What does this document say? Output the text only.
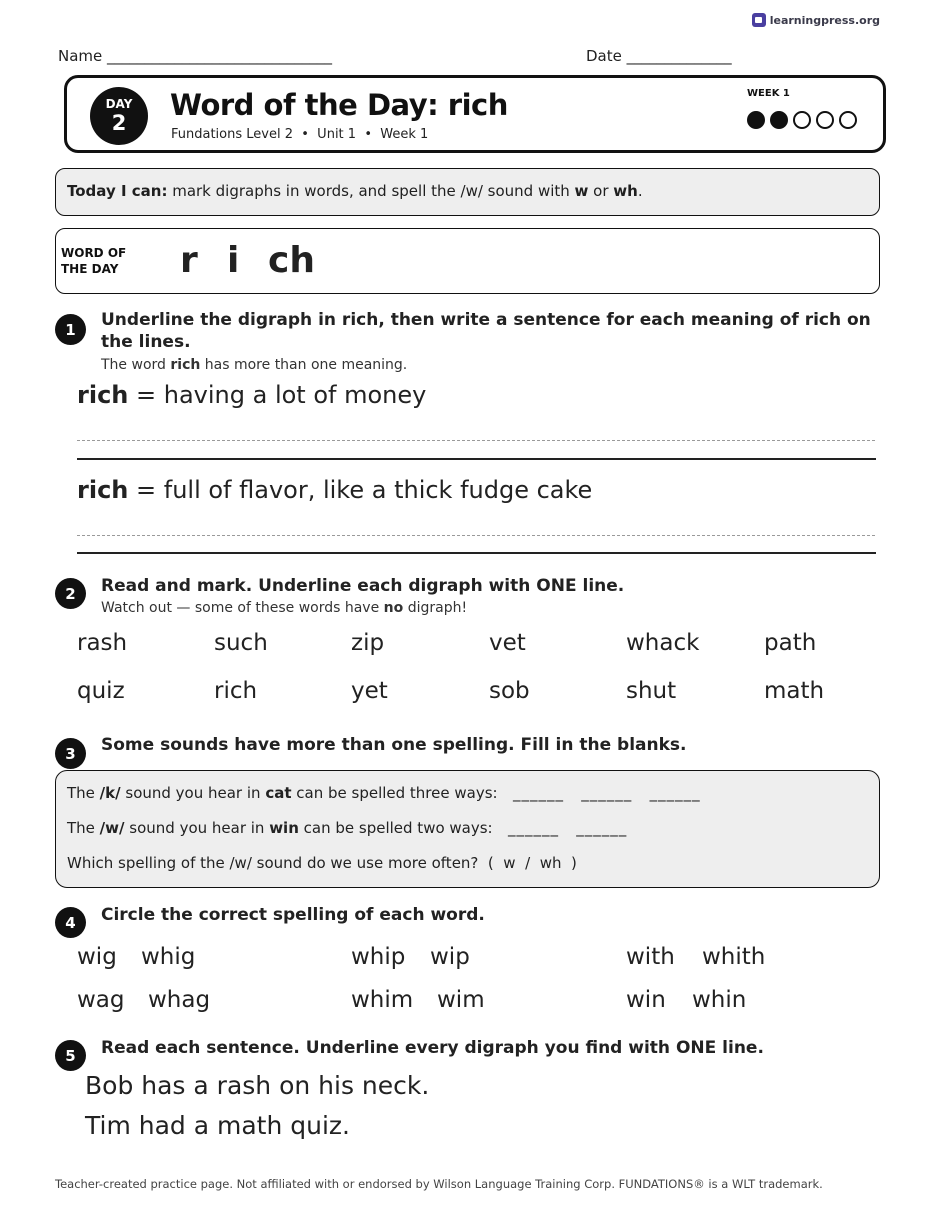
learningpress.org
Name ______________________________	Date ______________
DAY
2
Word of the Day: rich
Fundations Level 2  •  Unit 1  •  Week 1
WEEK 1
Today I can: mark digraphs in words, and spell the /w/ sound with w or wh.
WORD OF
THE DAY r i ch
1	Underline the digraph in rich, then write a sentence for each meaning of rich on the lines.
The word rich has more than one meaning.
rich = having a lot of money
rich = full of flavor, like a thick fudge cake
2	Read and mark. Underline each digraph with ONE line.
Watch out — some of these words have no digraph!
rash	such	zip	vet	whack	path
quiz	rich	yet	sob	shut	math
3	Some sounds have more than one spelling. Fill in the blanks.
The /k/ sound you hear in cat can be spelled three ways: ______   ______   ______
The /w/ sound you hear in win can be spelled two ways: ______   ______
Which spelling of the /w/ sound do we use more often?  (  w  /  wh  )
4	Circle the correct spelling of each word.
wig whig	whip wip	with whith
wag whag	whim wim	win whin
5	Read each sentence. Underline every digraph you find with ONE line.
Bob has a rash on his neck.
Tim had a math quiz.
Teacher-created practice page. Not affiliated with or endorsed by Wilson Language Training Corp. FUNDATIONS® is a WLT trademark.
